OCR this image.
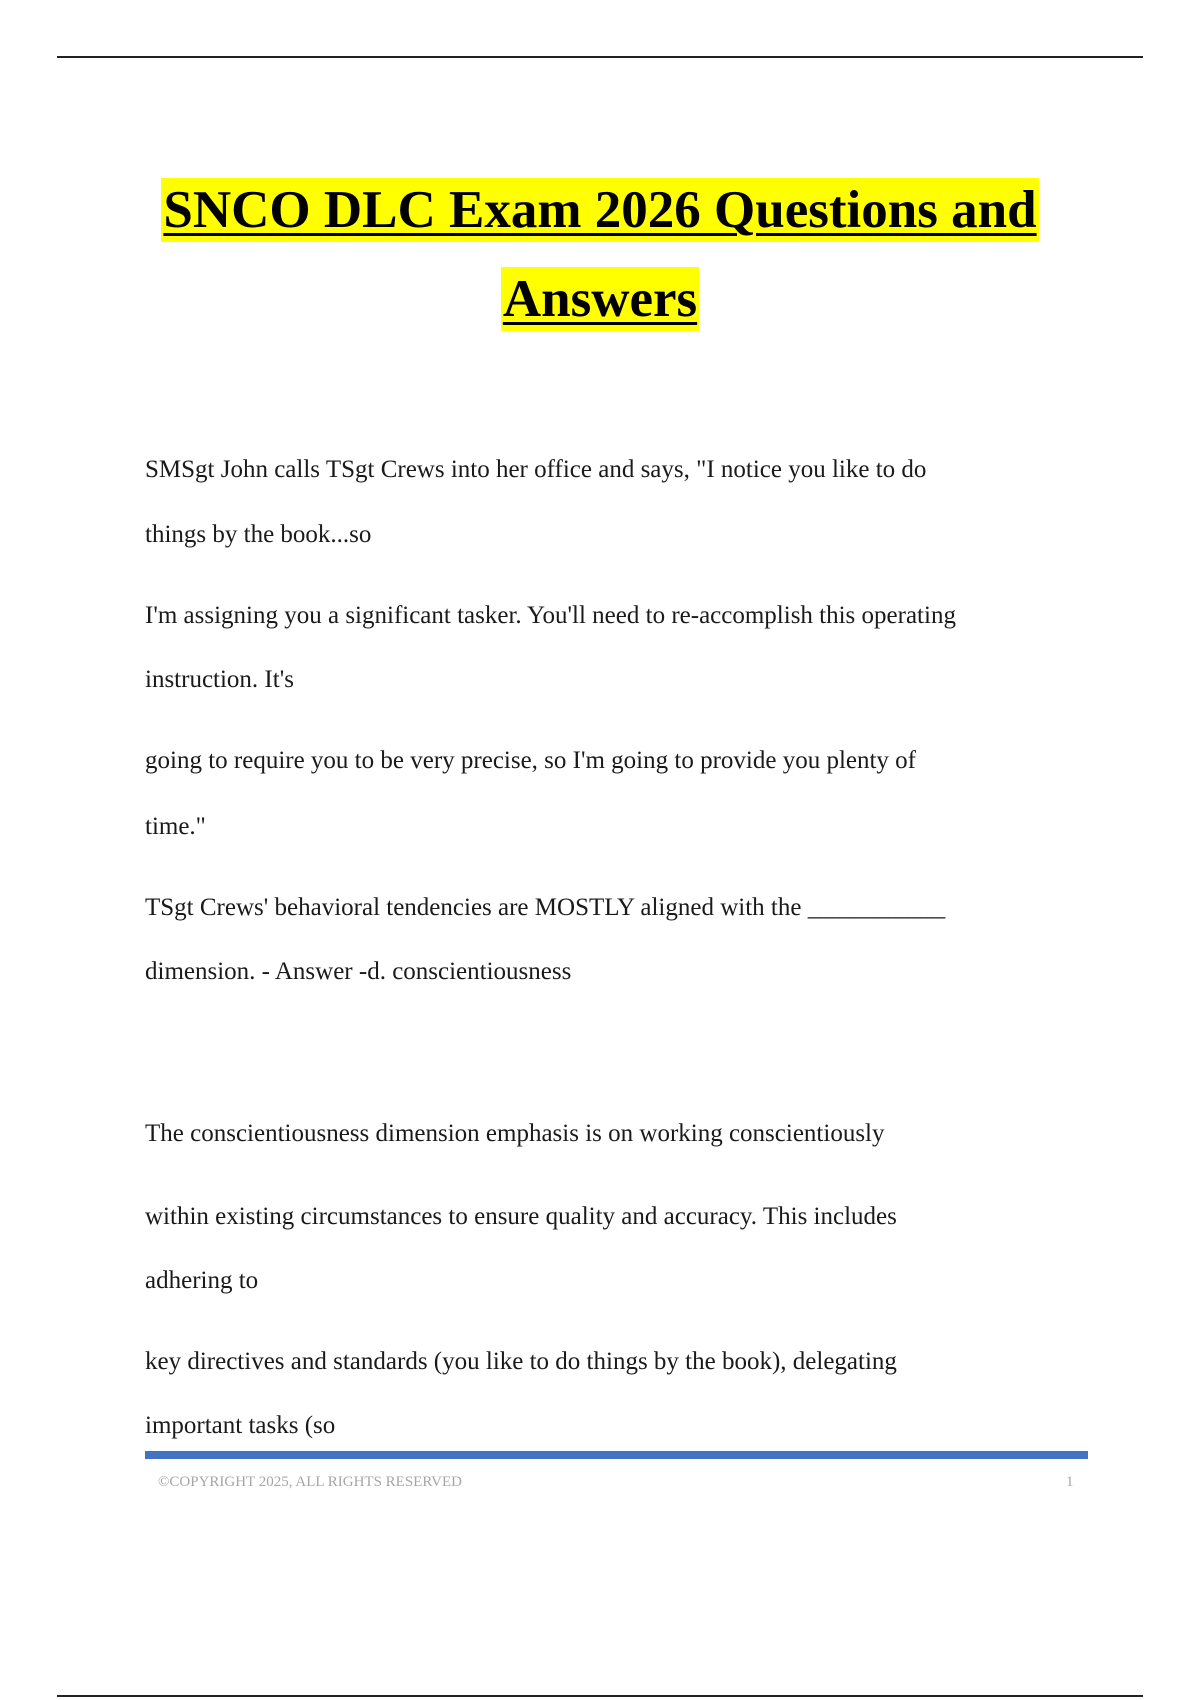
SNCO DLC Exam 2026 Questions and
Answers
SMSgt John calls TSgt Crews into her office and says, "I notice you like to do
things by the book...so
I'm assigning you a significant tasker. You'll need to re-accomplish this operating
instruction. It's
going to require you to be very precise, so I'm going to provide you plenty of
time."
TSgt Crews' behavioral tendencies are MOSTLY aligned with the ___________
dimension. - Answer -d. conscientiousness
The conscientiousness dimension emphasis is on working conscientiously
within existing circumstances to ensure quality and accuracy. This includes
adhering to
key directives and standards (you like to do things by the book), delegating
important tasks (so
©COPYRIGHT 2025, ALL RIGHTS RESERVED	1
